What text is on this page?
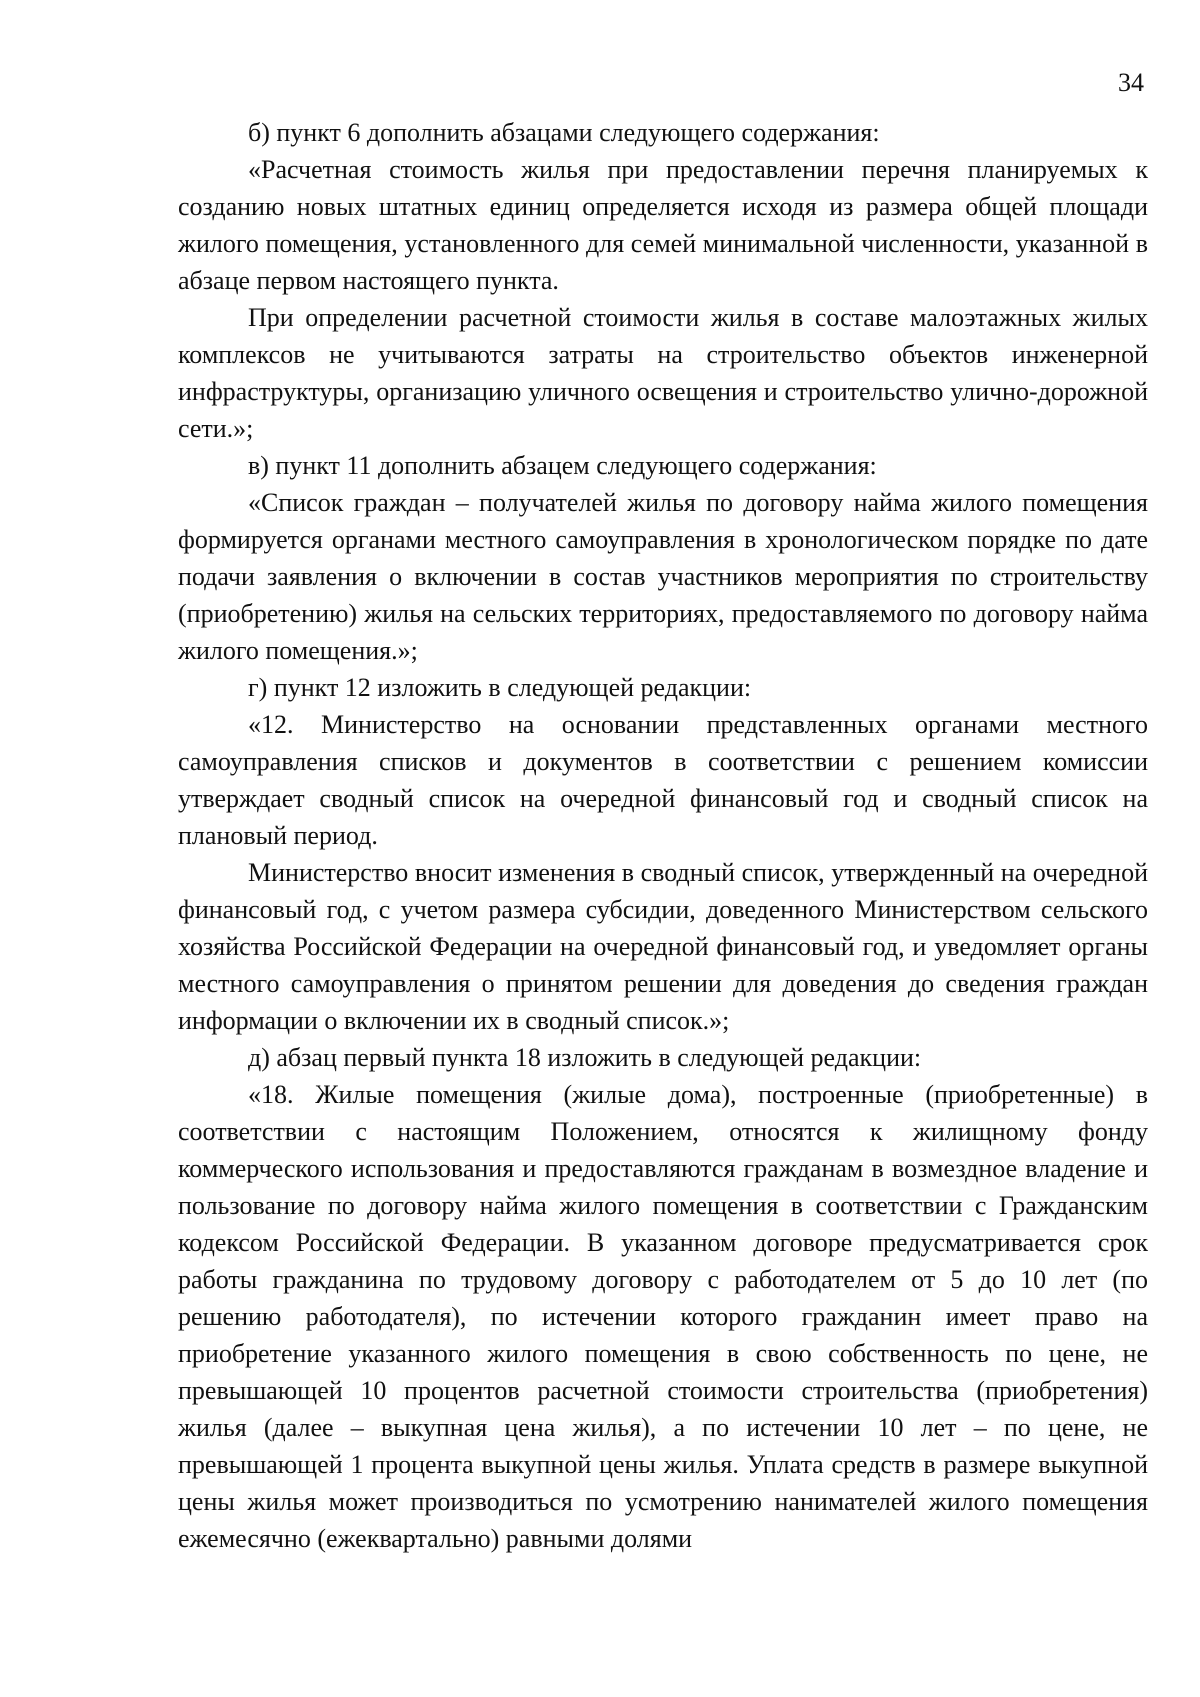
34

б) пункт 6 дополнить абзацами следующего содержания:

«Расчетная стоимость жилья при предоставлении перечня планируемых к созданию новых штатных единиц определяется исходя из размера общей площади жилого помещения, установленного для семей минимальной численности, указанной в абзаце первом настоящего пункта.

При определении расчетной стоимости жилья в составе малоэтажных жилых комплексов не учитываются затраты на строительство объектов инженерной инфраструктуры, организацию уличного освещения и строительство улично-дорожной сети.»;

в) пункт 11 дополнить абзацем следующего содержания:

«Список граждан – получателей жилья по договору найма жилого помещения формируется органами местного самоуправления в хронологическом порядке по дате подачи заявления о включении в состав участников мероприятия по строительству (приобретению) жилья на сельских территориях, предоставляемого по договору найма жилого помещения.»;

г) пункт 12 изложить в следующей редакции:

«12. Министерство на основании представленных органами местного самоуправления списков и документов в соответствии с решением комиссии утверждает сводный список на очередной финансовый год и сводный список на плановый период.

Министерство вносит изменения в сводный список, утвержденный на очередной финансовый год, с учетом размера субсидии, доведенного Министерством сельского хозяйства Российской Федерации на очередной финансовый год, и уведомляет органы местного самоуправления о принятом решении для доведения до сведения граждан информации о включении их в сводный список.»;

д) абзац первый пункта 18 изложить в следующей редакции:

«18. Жилые помещения (жилые дома), построенные (приобретенные) в соответствии с настоящим Положением, относятся к жилищному фонду коммерческого использования и предоставляются гражданам в возмездное владение и пользование по договору найма жилого помещения в соответствии с Гражданским кодексом Российской Федерации. В указанном договоре предусматривается срок работы гражданина по трудовому договору с работодателем от 5 до 10 лет (по решению работодателя), по истечении которого гражданин имеет право на приобретение указанного жилого помещения в свою собственность по цене, не превышающей 10 процентов расчетной стоимости строительства (приобретения) жилья (далее – выкупная цена жилья), а по истечении 10 лет – по цене, не превышающей 1 процента выкупной цены жилья. Уплата средств в размере выкупной цены жилья может производиться по усмотрению нанимателей жилого помещения ежемесячно (ежеквартально) равными долями
